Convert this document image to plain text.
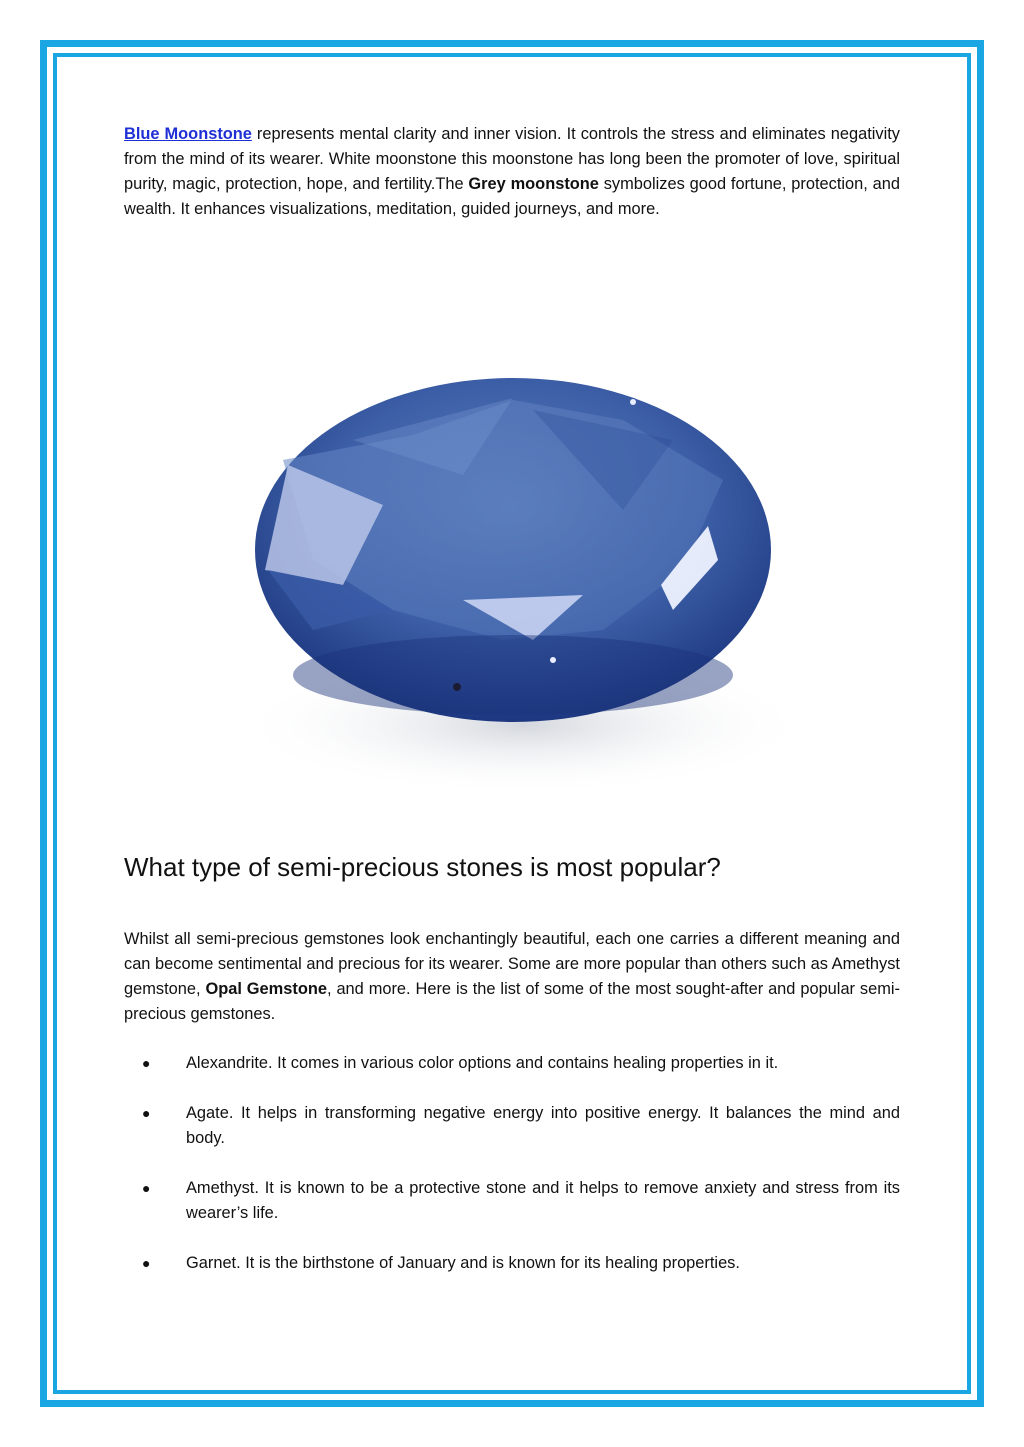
Blue Moonstone represents mental clarity and inner vision. It controls the stress and eliminates negativity from the mind of its wearer. White moonstone this moonstone has long been the promoter of love, spiritual purity, magic, protection, hope, and fertility.The Grey moonstone symbolizes good fortune, protection, and wealth. It enhances visualizations, meditation, guided journeys, and more.

What type of semi-precious stones is most popular?

Whilst all semi-precious gemstones look enchantingly beautiful, each one carries a different meaning and can become sentimental and precious for its wearer. Some are more popular than others such as Amethyst gemstone, Opal Gemstone, and more. Here is the list of some of the most sought-after and popular semi-precious gemstones.

● Alexandrite. It comes in various color options and contains healing properties in it.
● Agate. It helps in transforming negative energy into positive energy. It balances the mind and body.
● Amethyst. It is known to be a protective stone and it helps to remove anxiety and stress from its wearer’s life.
● Garnet. It is the birthstone of January and is known for its healing properties.
